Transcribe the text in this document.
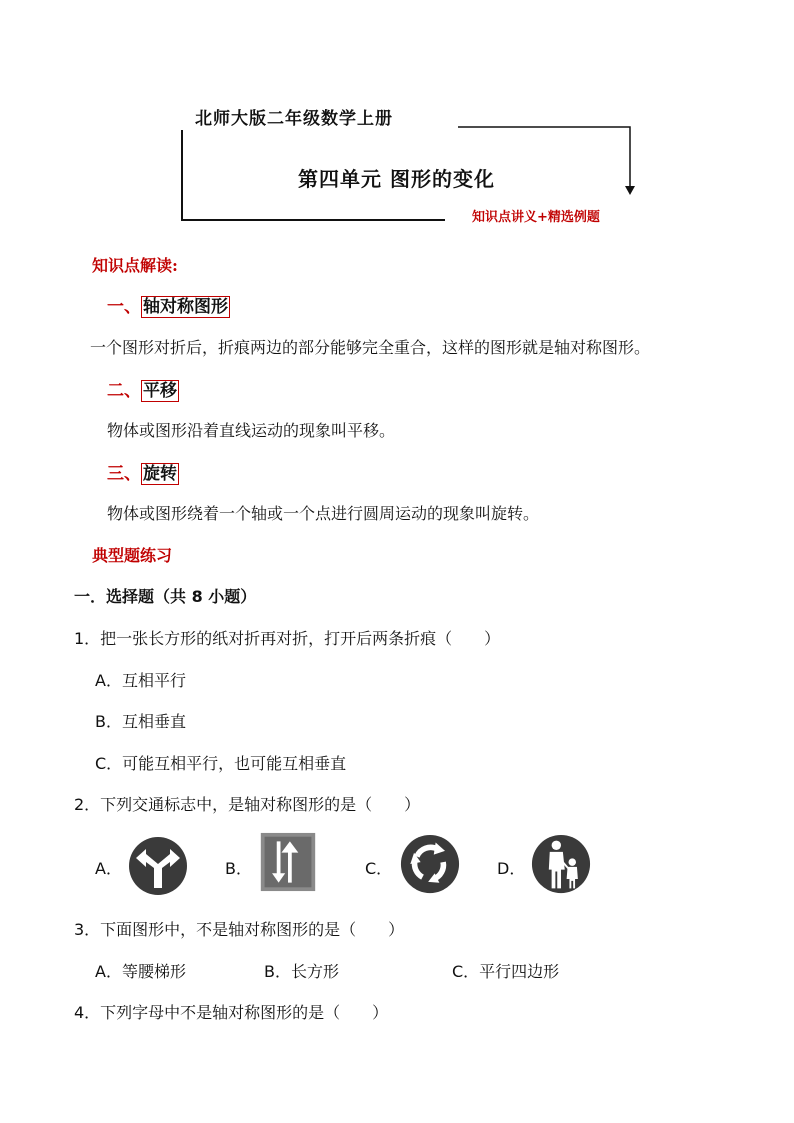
北师大版二年级数学上册
第四单元 图形的变化
知识点讲义+精选例题
知识点解读:
一、 轴对称图形
一个图形对折后，折痕两边的部分能够完全重合，这样的图形就是轴对称图形。
二、 平移
物体或图形沿着直线运动的现象叫平移。
三、 旋转
物体或图形绕着一个轴或一个点进行圆周运动的现象叫旋转。
典型题练习
一．选择题（共 8 小题）
1．把一张长方形的纸对折再对折，打开后两条折痕（　　）
A．互相平行
B．互相垂直
C．可能互相平行，也可能互相垂直
2．下列交通标志中，是轴对称图形的是（　　）
A．	B．	C．	D．
3．下面图形中，不是轴对称图形的是（　　）
A．等腰梯形	B．长方形	C．平行四边形
4．下列字母中不是轴对称图形的是（　　）
